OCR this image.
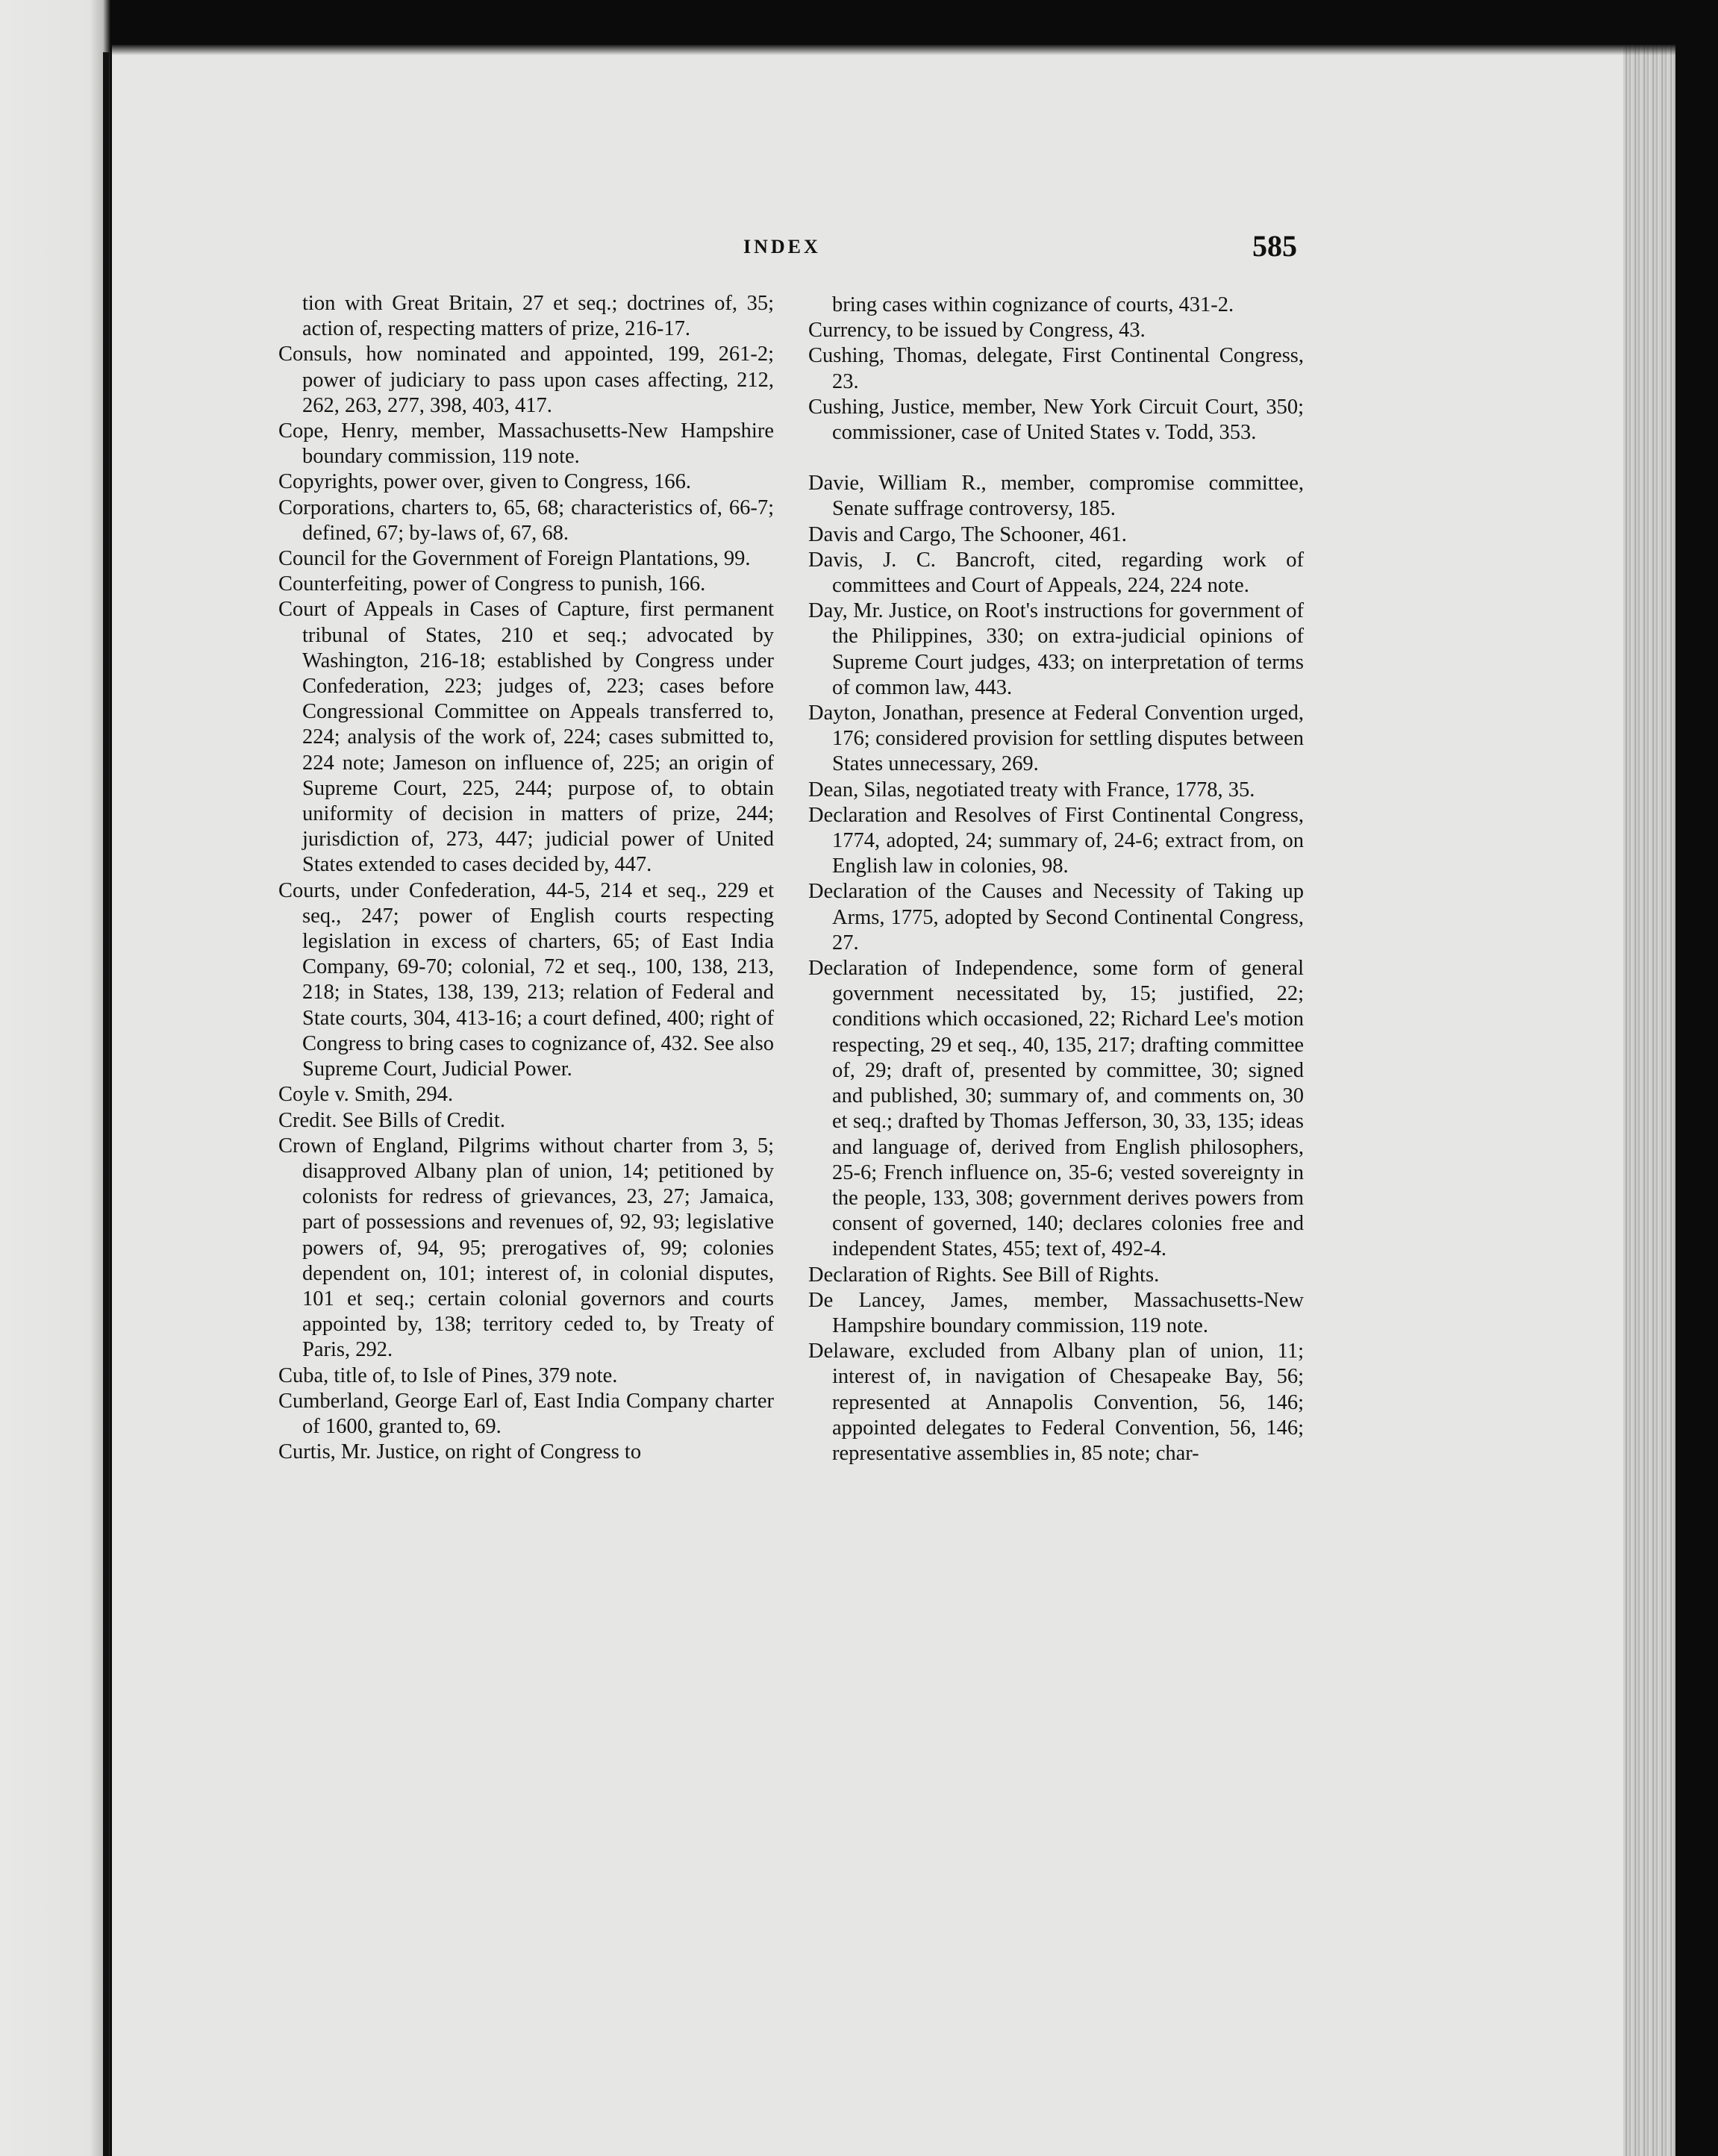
INDEX	585

tion with Great Britain, 27 et seq.; doctrines of, 35; action of, respecting matters of prize, 216-17.

Consuls, how nominated and appointed, 199, 261-2; power of judiciary to pass upon cases affecting, 212, 262, 263, 277, 398, 403, 417.

Cope, Henry, member, Massachusetts-New Hampshire boundary commission, 119 note.

Copyrights, power over, given to Congress, 166.

Corporations, charters to, 65, 68; characteristics of, 66-7; defined, 67; by-laws of, 67, 68.

Council for the Government of Foreign Plantations, 99.

Counterfeiting, power of Congress to punish, 166.

Court of Appeals in Cases of Capture, first permanent tribunal of States, 210 et seq.; advocated by Washington, 216-18; established by Congress under Confederation, 223; judges of, 223; cases before Congressional Committee on Appeals transferred to, 224; analysis of the work of, 224; cases submitted to, 224 note; Jameson on influence of, 225; an origin of Supreme Court, 225, 244; purpose of, to obtain uniformity of decision in matters of prize, 244; jurisdiction of, 273, 447; judicial power of United States extended to cases decided by, 447.

Courts, under Confederation, 44-5, 214 et seq., 229 et seq., 247; power of English courts respecting legislation in excess of charters, 65; of East India Company, 69-70; colonial, 72 et seq., 100, 138, 213, 218; in States, 138, 139, 213; relation of Federal and State courts, 304, 413-16; a court defined, 400; right of Congress to bring cases to cognizance of, 432. See also Supreme Court, Judicial Power.

Coyle v. Smith, 294.

Credit. See Bills of Credit.

Crown of England, Pilgrims without charter from 3, 5; disapproved Albany plan of union, 14; petitioned by colonists for redress of grievances, 23, 27; Jamaica, part of possessions and revenues of, 92, 93; legislative powers of, 94, 95; prerogatives of, 99; colonies dependent on, 101; interest of, in colonial disputes, 101 et seq.; certain colonial governors and courts appointed by, 138; territory ceded to, by Treaty of Paris, 292.

Cuba, title of, to Isle of Pines, 379 note.

Cumberland, George Earl of, East India Company charter of 1600, granted to, 69.

Curtis, Mr. Justice, on right of Congress to

bring cases within cognizance of courts, 431-2.

Currency, to be issued by Congress, 43.

Cushing, Thomas, delegate, First Continental Congress, 23.

Cushing, Justice, member, New York Circuit Court, 350; commissioner, case of United States v. Todd, 353.

Davie, William R., member, compromise committee, Senate suffrage controversy, 185.

Davis and Cargo, The Schooner, 461.

Davis, J. C. Bancroft, cited, regarding work of committees and Court of Appeals, 224, 224 note.

Day, Mr. Justice, on Root's instructions for government of the Philippines, 330; on extra-judicial opinions of Supreme Court judges, 433; on interpretation of terms of common law, 443.

Dayton, Jonathan, presence at Federal Convention urged, 176; considered provision for settling disputes between States unnecessary, 269.

Dean, Silas, negotiated treaty with France, 1778, 35.

Declaration and Resolves of First Continental Congress, 1774, adopted, 24; summary of, 24-6; extract from, on English law in colonies, 98.

Declaration of the Causes and Necessity of Taking up Arms, 1775, adopted by Second Continental Congress, 27.

Declaration of Independence, some form of general government necessitated by, 15; justified, 22; conditions which occasioned, 22; Richard Lee's motion respecting, 29 et seq., 40, 135, 217; drafting committee of, 29; draft of, presented by committee, 30; signed and published, 30; summary of, and comments on, 30 et seq.; drafted by Thomas Jefferson, 30, 33, 135; ideas and language of, derived from English philosophers, 25-6; French influence on, 35-6; vested sovereignty in the people, 133, 308; government derives powers from consent of governed, 140; declares colonies free and independent States, 455; text of, 492-4.

Declaration of Rights. See Bill of Rights.

De Lancey, James, member, Massachusetts-New Hampshire boundary commission, 119 note.

Delaware, excluded from Albany plan of union, 11; interest of, in navigation of Chesapeake Bay, 56; represented at Annapolis Convention, 56, 146; appointed delegates to Federal Convention, 56, 146; representative assemblies in, 85 note; char-
